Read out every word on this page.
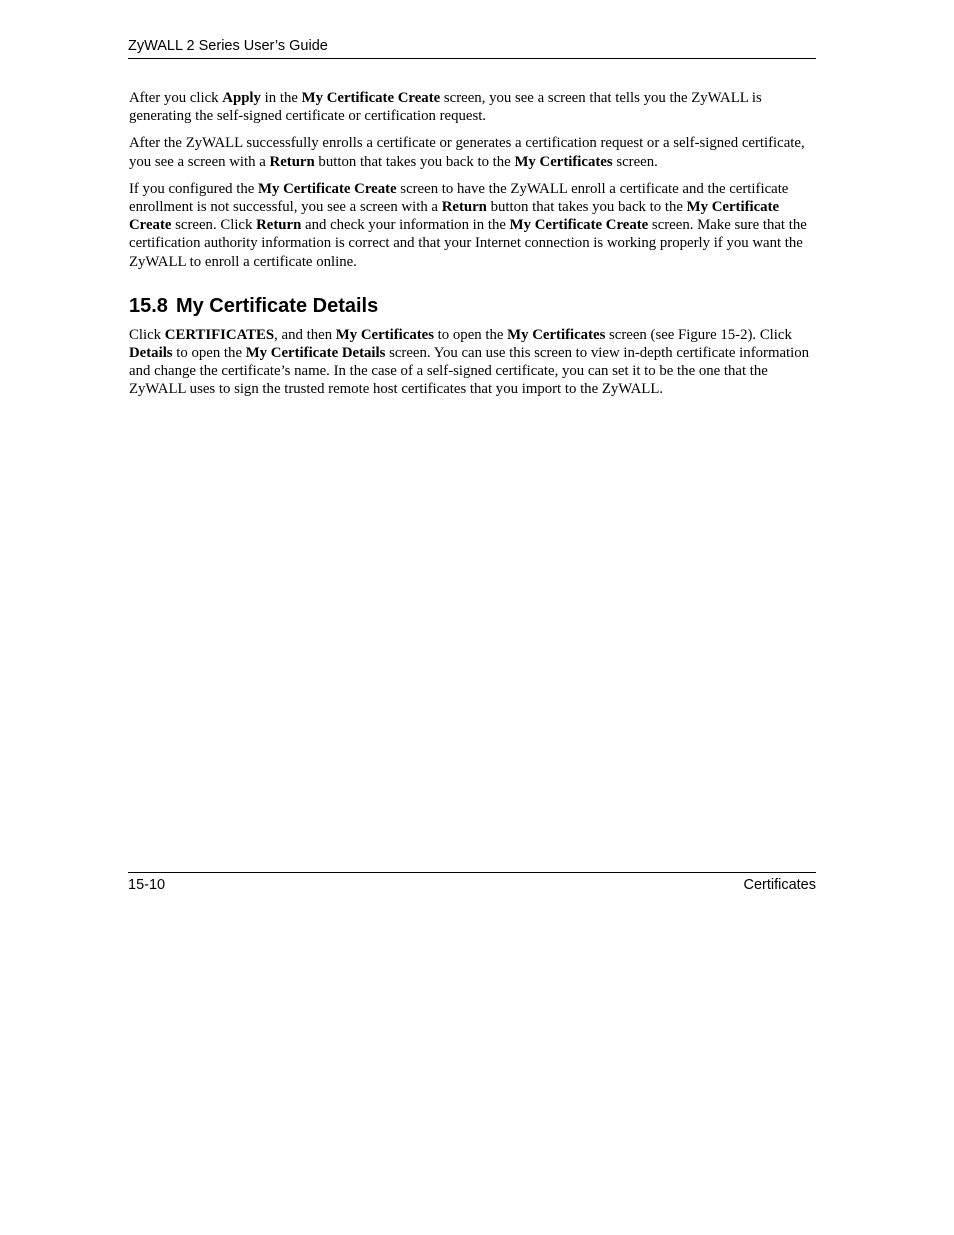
ZyWALL 2 Series User’s Guide

After you click Apply in the My Certificate Create screen, you see a screen that tells you the ZyWALL is generating the self-signed certificate or certification request.

After the ZyWALL successfully enrolls a certificate or generates a certification request or a self-signed certificate, you see a screen with a Return button that takes you back to the My Certificates screen.

If you configured the My Certificate Create screen to have the ZyWALL enroll a certificate and the certificate enrollment is not successful, you see a screen with a Return button that takes you back to the My Certificate Create screen. Click Return and check your information in the My Certificate Create screen. Make sure that the certification authority information is correct and that your Internet connection is working properly if you want the ZyWALL to enroll a certificate online.

15.8 My Certificate Details

Click CERTIFICATES, and then My Certificates to open the My Certificates screen (see Figure 15-2). Click Details to open the My Certificate Details screen. You can use this screen to view in-depth certificate information and change the certificate’s name. In the case of a self-signed certificate, you can set it to be the one that the ZyWALL uses to sign the trusted remote host certificates that you import to the ZyWALL.

15-10	Certificates
